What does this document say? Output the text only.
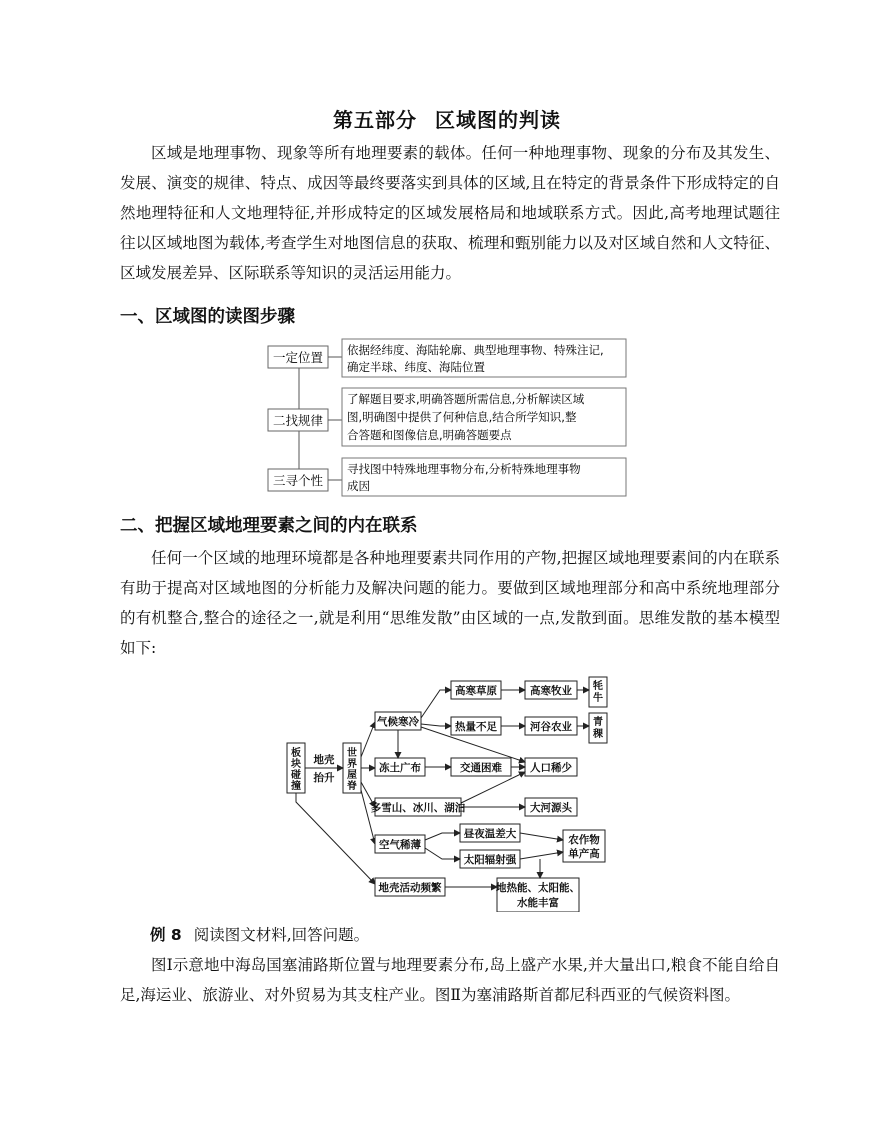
第五部分 区域图的判读

区域是地理事物、现象等所有地理要素的载体。任何一种地理事物、现象的分布及其发生、发展、演变的规律、特点、成因等最终要落实到具体的区域,且在特定的背景条件下形成特定的自然地理特征和人文地理特征,并形成特定的区域发展格局和地域联系方式。因此,高考地理试题往往以区域地图为载体,考查学生对地图信息的获取、梳理和甄别能力以及对区域自然和人文特征、区域发展差异、区际联系等知识的灵活运用能力。

一、区域图的读图步骤
一定位置 依据经纬度、海陆轮廓、典型地理事物、特殊注记,
确定半球、纬度、海陆位置
二找规律
了解题目要求,明确答题所需信息,分析解读区域
图,明确图中提供了何种信息,结合所学知识,整
合答题和图像信息,明确答题要点
三寻个性
寻找图中特殊地理事物分布,分析特殊地理事物
成因
二、把握区域地理要素之间的内在联系

任何一个区域的地理环境都是各种地理要素共同作用的产物,把握区域地理要素间的内在联系有助于提高对区域地图的分析能力及解决问题的能力。要做到区域地理部分和高中系统地理部分的有机整合,整合的途径之一,就是利用“思维发散”由区域的一点,发散到面。思维发散的基本模型如下:

板块碰撞
地壳
抬升
世界屋脊
气候寒冷
高寒草原	高寒牧业 牦牛
热量不足	河谷农业 青稞
冻土广布	交通困难	人口稀少
多雪山、冰川、湖泊	大河源头
空气稀薄
昼夜温差大
太阳辐射强
农作物
单产高
地壳活动频繁	地热能、太阳能、
水能丰富
例 8 阅读图文材料,回答问题。

图Ⅰ示意地中海岛国塞浦路斯位置与地理要素分布,岛上盛产水果,并大量出口,粮食不能自给自足,海运业、旅游业、对外贸易为其支柱产业。图Ⅱ为塞浦路斯首都尼科西亚的气候资料图。
